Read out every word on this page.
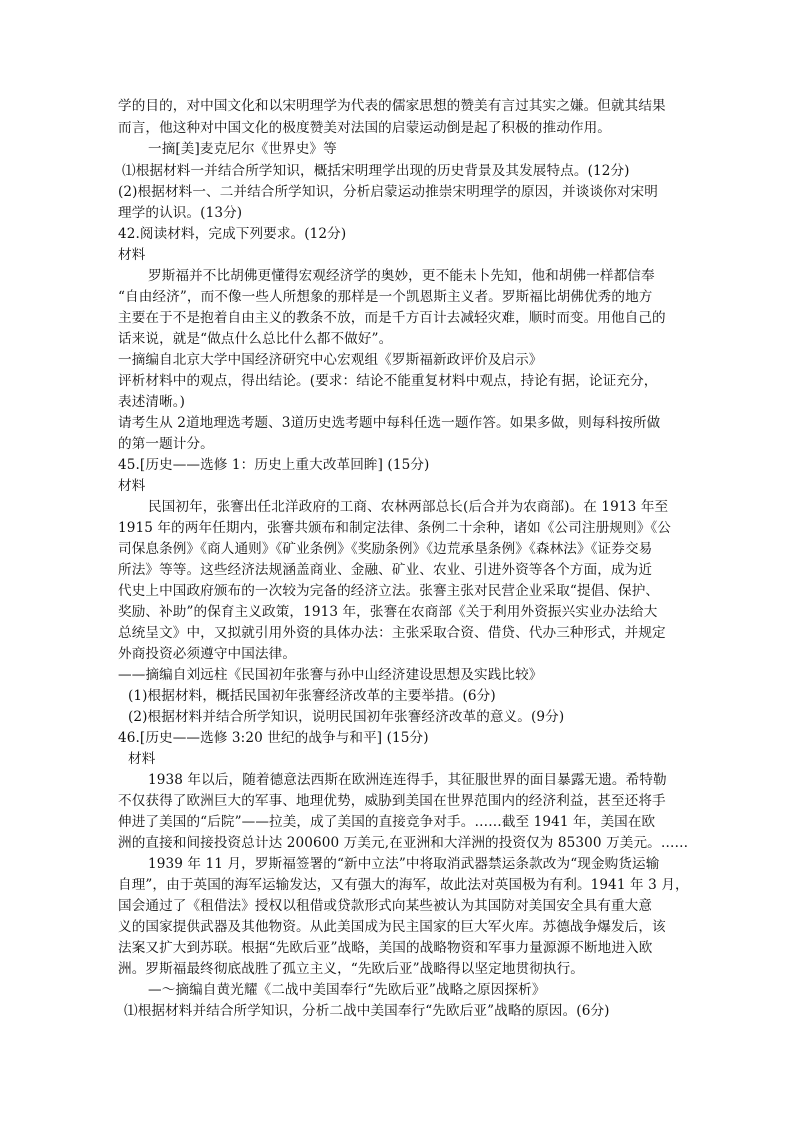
学的目的，对中国文化和以宋明理学为代表的儒家思想的赞美有言过其实之嫌。但就其结果
而言，他这种对中国文化的极度赞美对法国的启蒙运动倒是起了积极的推动作用。
一摘[美]麦克尼尔《世界史》等
⑴根据材料一并结合所学知识，概括宋明理学出现的历史背景及其发展特点。(12分)
(2)根据材料一、二并结合所学知识，分析启蒙运动推崇宋明理学的原因，并谈谈你对宋明
理学的认识。(13分)
42.阅读材料，完成下列要求。(12分)
材料
罗斯福并不比胡佛更懂得宏观经济学的奥妙，更不能未卜先知，他和胡佛一样都信奉
“自由经济”，而不像一些人所想象的那样是一个凯恩斯主义者。罗斯福比胡佛优秀的地方
主要在于不是抱着自由主义的教条不放，而是千方百计去减轻灾难，顺时而变。用他自己的
话来说，就是“做点什么总比什么都不做好”。
一摘编自北京大学中国经济研究中心宏观组《罗斯福新政评价及启示》
评析材料中的观点，得出结论。(要求：结论不能重复材料中观点，持论有据，论证充分，
表述清晰。)
请考生从 2道地理选考题、3道历史选考题中每科任选一题作答。如果多做，则每科按所做
的第一题计分。
45.[历史——选修 1：历史上重大改革回眸] (15分)
材料
民国初年，张謇出任北洋政府的工商、农林两部总长(后合并为农商部)。在 1913 年至
1915 年的两年任期内，张謇共颁布和制定法律、条例二十余种，诸如《公司注册规则》《公
司保息条例》《商人通则》《矿业条例》《奖励条例》《边荒承垦条例》《森林法》《证券交易
所法》等等。这些经济法规涵盖商业、金融、矿业、农业、引进外资等各个方面，成为近
代史上中国政府颁布的一次较为完备的经济立法。张謇主张对民营企业采取“提倡、保护、
奖励、补助”的保育主义政策，1913 年，张謇在农商部《关于利用外资振兴实业办法给大
总统呈文》中，又拟就引用外资的具体办法：主张采取合资、借贷、代办三种形式，并规定
外商投资必须遵守中国法律。
——摘编自刘远柱《民国初年张謇与孙中山经济建设思想及实践比较》
(1)根据材料，概括民国初年张謇经济改革的主要举措。(6分)
(2)根据材料并结合所学知识，说明民国初年张謇经济改革的意义。(9分)
46.[历史——选修 3:20 世纪的战争与和平] (15分)
材料
1938 年以后，随着德意法西斯在欧洲连连得手，其征服世界的面目暴露无遗。希特勒
不仅获得了欧洲巨大的军事、地理优势，威胁到美国在世界范围内的经济利益，甚至还将手
伸进了美国的“后院”——拉美，成了美国的直接竞争对手。……截至 1941 年，美国在欧
洲的直接和间接投资总计达 200600 万美元,在亚洲和大洋洲的投资仅为 85300 万美元。……
1939 年 11 月，罗斯福签署的“新中立法”中将取消武器禁运条款改为“现金购货运输
自理”，由于英国的海军运输发达，又有强大的海军，故此法对英国极为有利。1941 年 3 月，
国会通过了《租借法》授权以租借或贷款形式向某些被认为其国防对美国安全具有重大意
义的国家提供武器及其他物资。从此美国成为民主国家的巨大军火库。苏德战争爆发后，该
法案又扩大到苏联。根据“先欧后亚”战略，美国的战略物资和军事力量源源不断地进入欧
洲。罗斯福最终彻底战胜了孤立主义，“先欧后亚”战略得以坚定地贯彻执行。
—～摘编自黄光耀《二战中美国奉行“先欧后亚”战略之原因探析》
⑴根据材料并结合所学知识，分析二战中美国奉行“先欧后亚”战略的原因。(6分)
